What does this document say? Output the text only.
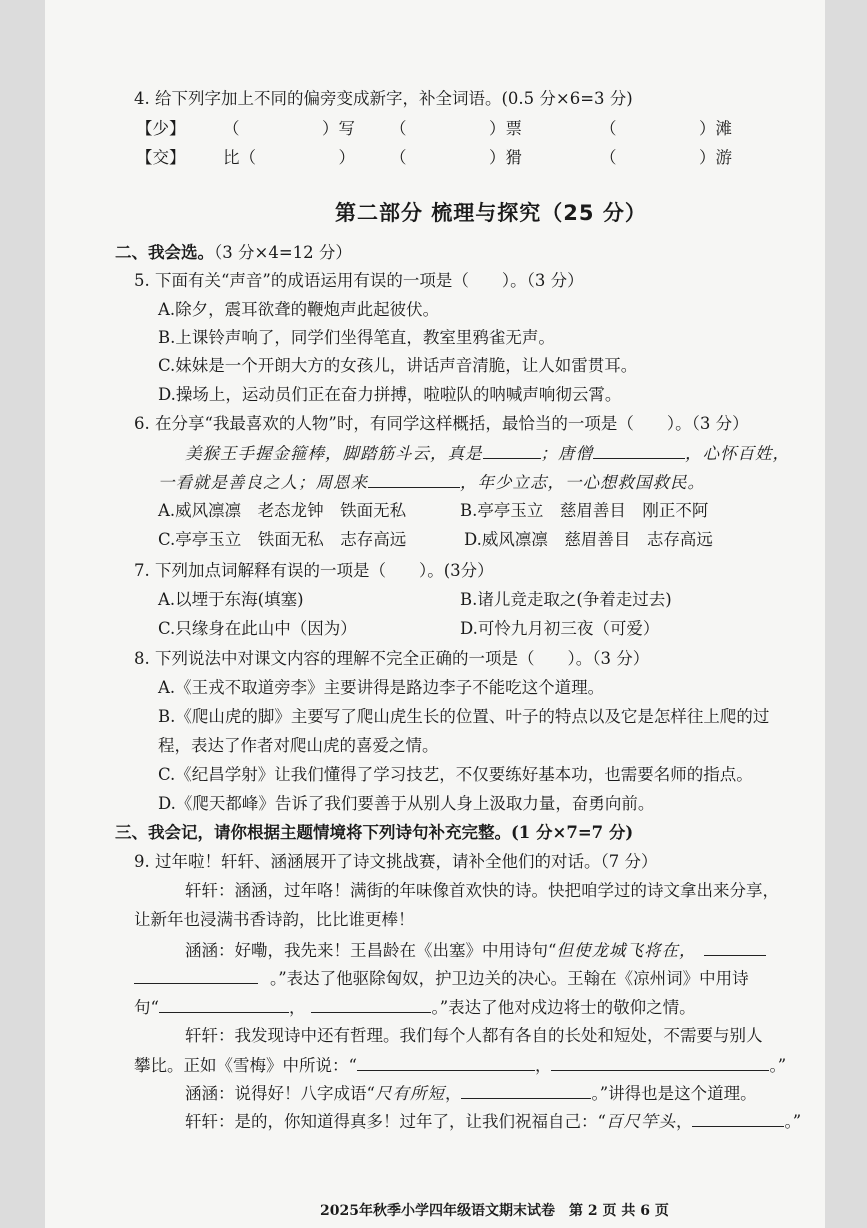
4. 给下列字加上不同的偏旁变成新字，补全词语。(0.5 分×6=3 分)
【少】 （　　　　　）写 （　　　　　）票	（　　　　　）滩
【交】 比（　　　　　） （　　　　　）猾	（　　　　　）游
第二部分 梳理与探究（25 分）
二、我会选。（3 分×4=12 分）
5. 下面有关“声音”的成语运用有误的一项是（　　）。（3 分）
A.除夕，震耳欲聋的鞭炮声此起彼伏。
B.上课铃声响了，同学们坐得笔直，教室里鸦雀无声。
C.妹妹是一个开朗大方的女孩儿，讲话声音清脆，让人如雷贯耳。
D.操场上，运动员们正在奋力拼搏，啦啦队的呐喊声响彻云霄。
6. 在分享“我最喜欢的人物”时，有同学这样概括，最恰当的一项是（　　）。（3 分）
美猴王手握金箍棒，脚踏筋斗云，真是	；唐僧	，心怀百姓，
一看就是善良之人；周恩来	，年少立志，一心想救国救民。
A.威风凛凛　老态龙钟　铁面无私	B.亭亭玉立　慈眉善目　刚正不阿
C.亭亭玉立　铁面无私　志存高远	D.威风凛凛　慈眉善目　志存高远
7. 下列加点词解释有误的一项是（　　）。(3分）
A.以堙于东海(填塞)	B.诸儿竞走取之(争着走过去)
C.只缘身在此山中（因为）	D.可怜九月初三夜（可爱）
8. 下列说法中对课文内容的理解不完全正确的一项是（　　）。（3 分）
A.《王戎不取道旁李》主要讲得是路边李子不能吃这个道理。
B.《爬山虎的脚》主要写了爬山虎生长的位置、叶子的特点以及它是怎样往上爬的过
程，表达了作者对爬山虎的喜爱之情。
C.《纪昌学射》让我们懂得了学习技艺，不仅要练好基本功，也需要名师的指点。
D.《爬天都峰》告诉了我们要善于从别人身上汲取力量，奋勇向前。
三、我会记，请你根据主题情境将下列诗句补充完整。(1 分×7=7 分)
9. 过年啦！轩轩、涵涵展开了诗文挑战赛，请补全他们的对话。（7 分）
轩轩：涵涵，过年咯！满街的年味像首欢快的诗。快把咱学过的诗文拿出来分享，
让新年也浸满书香诗韵，比比谁更棒！
涵涵：好嘞，我先来！王昌龄在《出塞》中用诗句“但使龙城飞将在，
。”表达了他驱除匈奴，护卫边关的决心。王翰在《凉州词》中用诗
句“	，	。”表达了他对戍边将士的敬仰之情。
轩轩：我发现诗中还有哲理。我们每个人都有各自的长处和短处，不需要与别人
攀比。正如《雪梅》中所说：“	，	。”
涵涵：说得好！八字成语“尺有所短，	。”讲得也是这个道理。
轩轩：是的，你知道得真多！过年了，让我们祝福自己：“百尺竿头，	。”
2025年秋季小学四年级语文期末试卷　第 2 页 共 6 页
